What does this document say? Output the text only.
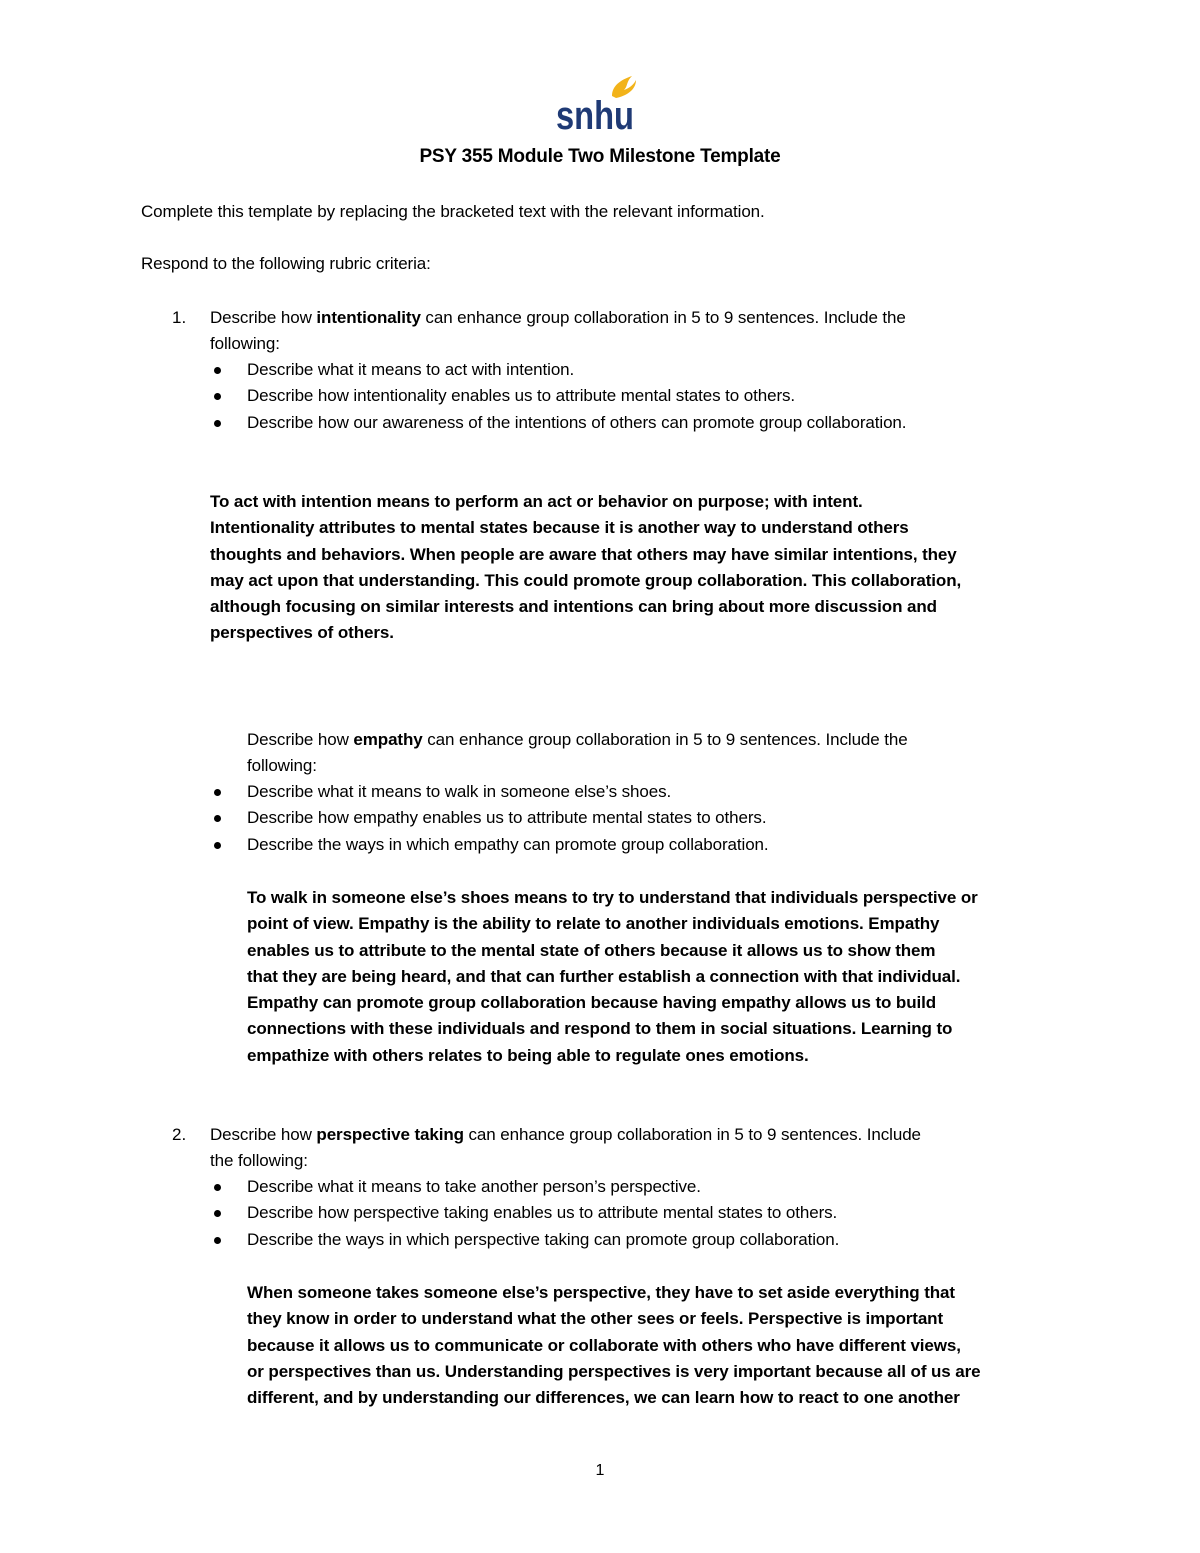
snhu
PSY 355 Module Two Milestone Template
Complete this template by replacing the bracketed text with the relevant information.
Respond to the following rubric criteria:
1. Describe how intentionality can enhance group collaboration in 5 to 9 sentences. Include the
following:
Describe what it means to act with intention.
Describe how intentionality enables us to attribute mental states to others.
Describe how our awareness of the intentions of others can promote group collaboration.
To act with intention means to perform an act or behavior on purpose; with intent.
Intentionality attributes to mental states because it is another way to understand others
thoughts and behaviors. When people are aware that others may have similar intentions, they
may act upon that understanding. This could promote group collaboration. This collaboration,
although focusing on similar interests and intentions can bring about more discussion and
perspectives of others.
Describe how empathy can enhance group collaboration in 5 to 9 sentences. Include the
following:
Describe what it means to walk in someone else’s shoes.
Describe how empathy enables us to attribute mental states to others.
Describe the ways in which empathy can promote group collaboration.
To walk in someone else’s shoes means to try to understand that individuals perspective or
point of view. Empathy is the ability to relate to another individuals emotions. Empathy
enables us to attribute to the mental state of others because it allows us to show them
that they are being heard, and that can further establish a connection with that individual.
Empathy can promote group collaboration because having empathy allows us to build
connections with these individuals and respond to them in social situations. Learning to
empathize with others relates to being able to regulate ones emotions.
2. Describe how perspective taking can enhance group collaboration in 5 to 9 sentences. Include
the following:
Describe what it means to take another person’s perspective.
Describe how perspective taking enables us to attribute mental states to others.
Describe the ways in which perspective taking can promote group collaboration.
When someone takes someone else’s perspective, they have to set aside everything that
they know in order to understand what the other sees or feels. Perspective is important
because it allows us to communicate or collaborate with others who have different views,
or perspectives than us. Understanding perspectives is very important because all of us are
different, and by understanding our differences, we can learn how to react to one another
1
